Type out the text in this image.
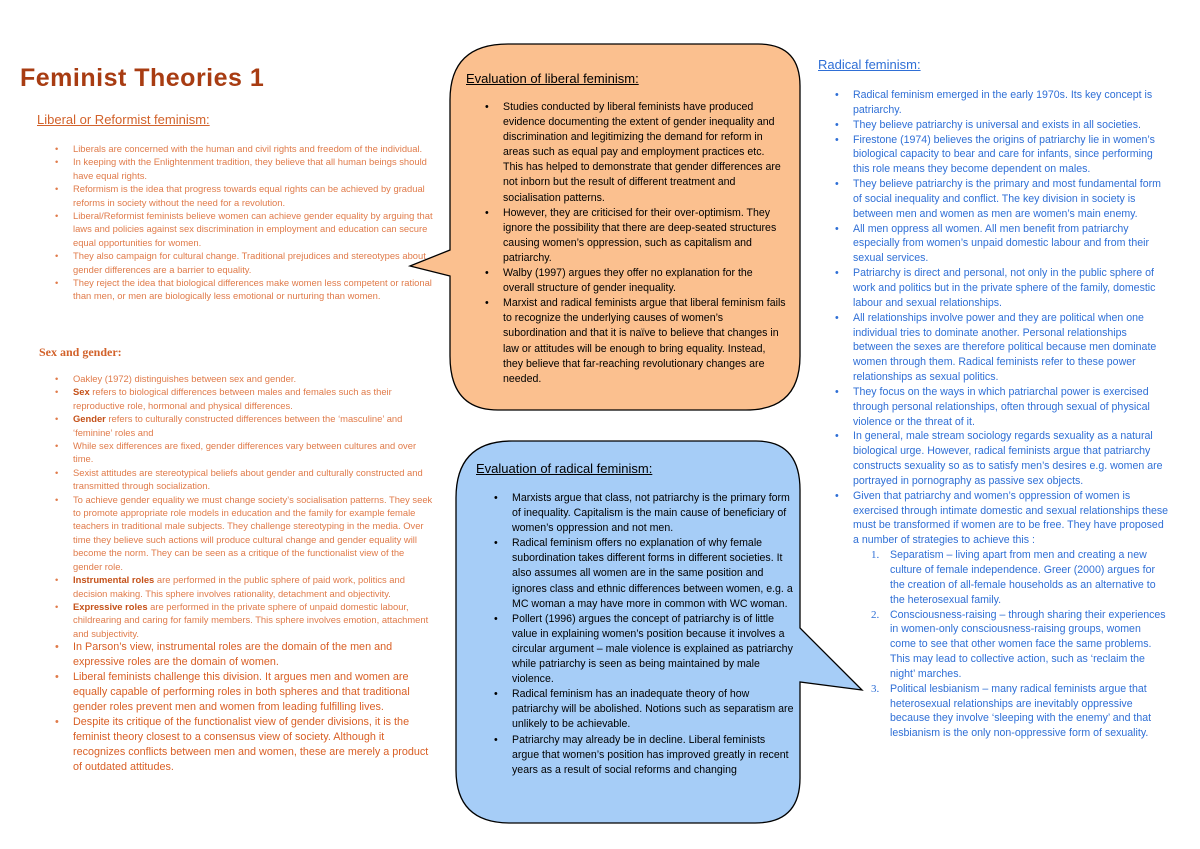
Feminist Theories 1
Liberal or Reformist feminism:
• Liberals are concerned with the human and civil rights and freedom of the individual.
• In keeping with the Enlightenment tradition, they believe that all human beings should have equal rights.
• Reformism is the idea that progress towards equal rights can be achieved by gradual reforms in society without the need for a revolution.
• Liberal/Reformist feminists believe women can achieve gender equality by arguing that laws and policies against sex discrimination in employment and education can secure equal opportunities for women.
• They also campaign for cultural change. Traditional prejudices and stereotypes about gender differences are a barrier to equality.
• They reject the idea that biological differences make women less competent or rational than men, or men are biologically less emotional or nurturing than women.
Sex and gender:
• Oakley (1972) distinguishes between sex and gender.
• Sex refers to biological differences between males and females such as their reproductive role, hormonal and physical differences.
• Gender refers to culturally constructed differences between the ‘masculine’ and ‘feminine’ roles and
• While sex differences are fixed, gender differences vary between cultures and over time.
• Sexist attitudes are stereotypical beliefs about gender and culturally constructed and transmitted through socialization.
• To achieve gender equality we must change society’s socialisation patterns. They seek to promote appropriate role models in education and the family for example female teachers in traditional male subjects. They challenge stereotyping in the media. Over time they believe such actions will produce cultural change and gender equality will become the norm. They can be seen as a critique of the functionalist view of the gender role.
• Instrumental roles are performed in the public sphere of paid work, politics and decision making. This sphere involves rationality, detachment and objectivity.
• Expressive roles are performed in the private sphere of unpaid domestic labour, childrearing and caring for family members. This sphere involves emotion, attachment and subjectivity.
• In Parson’s view, instrumental roles are the domain of the men and expressive roles are the domain of women.
• Liberal feminists challenge this division. It argues men and women are equally capable of performing roles in both spheres and that traditional gender roles prevent men and women from leading fulfilling lives.
• Despite its critique of the functionalist view of gender divisions, it is the feminist theory closest to a consensus view of society. Although it recognizes conflicts between men and women, these are merely a product of outdated attitudes.
Evaluation of liberal feminism:
• Studies conducted by liberal feminists have produced evidence documenting the extent of gender inequality and discrimination and legitimizing the demand for reform in areas such as equal pay and employment practices etc. This has helped to demonstrate that gender differences are not inborn but the result of different treatment and socialisation patterns.
• However, they are criticised for their over-optimism. They ignore the possibility that there are deep-seated structures causing women’s oppression, such as capitalism and patriarchy.
• Walby (1997) argues they offer no explanation for the overall structure of gender inequality.
• Marxist and radical feminists argue that liberal feminism fails to recognize the underlying causes of women’s subordination and that it is naïve to believe that changes in law or attitudes will be enough to bring equality. Instead, they believe that far-reaching revolutionary changes are needed.
Evaluation of radical feminism:
• Marxists argue that class, not patriarchy is the primary form of inequality. Capitalism is the main cause of beneficiary of women’s oppression and not men.
• Radical feminism offers no explanation of why female subordination takes different forms in different societies. It also assumes all women are in the same position and ignores class and ethnic differences between women, e.g. a MC woman a may have more in common with WC woman.
• Pollert (1996) argues the concept of patriarchy is of little value in explaining women’s position because it involves a circular argument – male violence is explained as patriarchy while patriarchy is seen as being maintained by male violence.
• Radical feminism has an inadequate theory of how patriarchy will be abolished. Notions such as separatism are unlikely to be achievable.
• Patriarchy may already be in decline. Liberal feminists argue that women’s position has improved greatly in recent years as a result of social reforms and changing
Radical feminism:
• Radical feminism emerged in the early 1970s. Its key concept is patriarchy.
• They believe patriarchy is universal and exists in all societies.
• Firestone (1974) believes the origins of patriarchy lie in women’s biological capacity to bear and care for infants, since performing this role means they become dependent on males.
• They believe patriarchy is the primary and most fundamental form of social inequality and conflict. The key division in society is between men and women as men are women’s main enemy.
• All men oppress all women. All men benefit from patriarchy especially from women’s unpaid domestic labour and from their sexual services.
• Patriarchy is direct and personal, not only in the public sphere of work and politics but in the private sphere of the family, domestic labour and sexual relationships.
• All relationships involve power and they are political when one individual tries to dominate another. Personal relationships between the sexes are therefore political because men dominate women through them. Radical feminists refer to these power relationships as sexual politics.
• They focus on the ways in which patriarchal power is exercised through personal relationships, often through sexual of physical violence or the threat of it.
• In general, male stream sociology regards sexuality as a natural biological urge. However, radical feminists argue that patriarchy constructs sexuality so as to satisfy men’s desires e.g. women are portrayed in pornography as passive sex objects.
• Given that patriarchy and women’s oppression of women is exercised through intimate domestic and sexual relationships these must be transformed if women are to be free. They have proposed a number of strategies to achieve this :
1. Separatism – living apart from men and creating a new culture of female independence. Greer (2000) argues for the creation of all-female households as an alternative to the heterosexual family.
2. Consciousness-raising – through sharing their experiences in women-only consciousness-raising groups, women come to see that other women face the same problems. This may lead to collective action, such as ‘reclaim the night’ marches.
3. Political lesbianism – many radical feminists argue that heterosexual relationships are inevitably oppressive because they involve ‘sleeping with the enemy’ and that lesbianism is the only non-oppressive form of sexuality.
